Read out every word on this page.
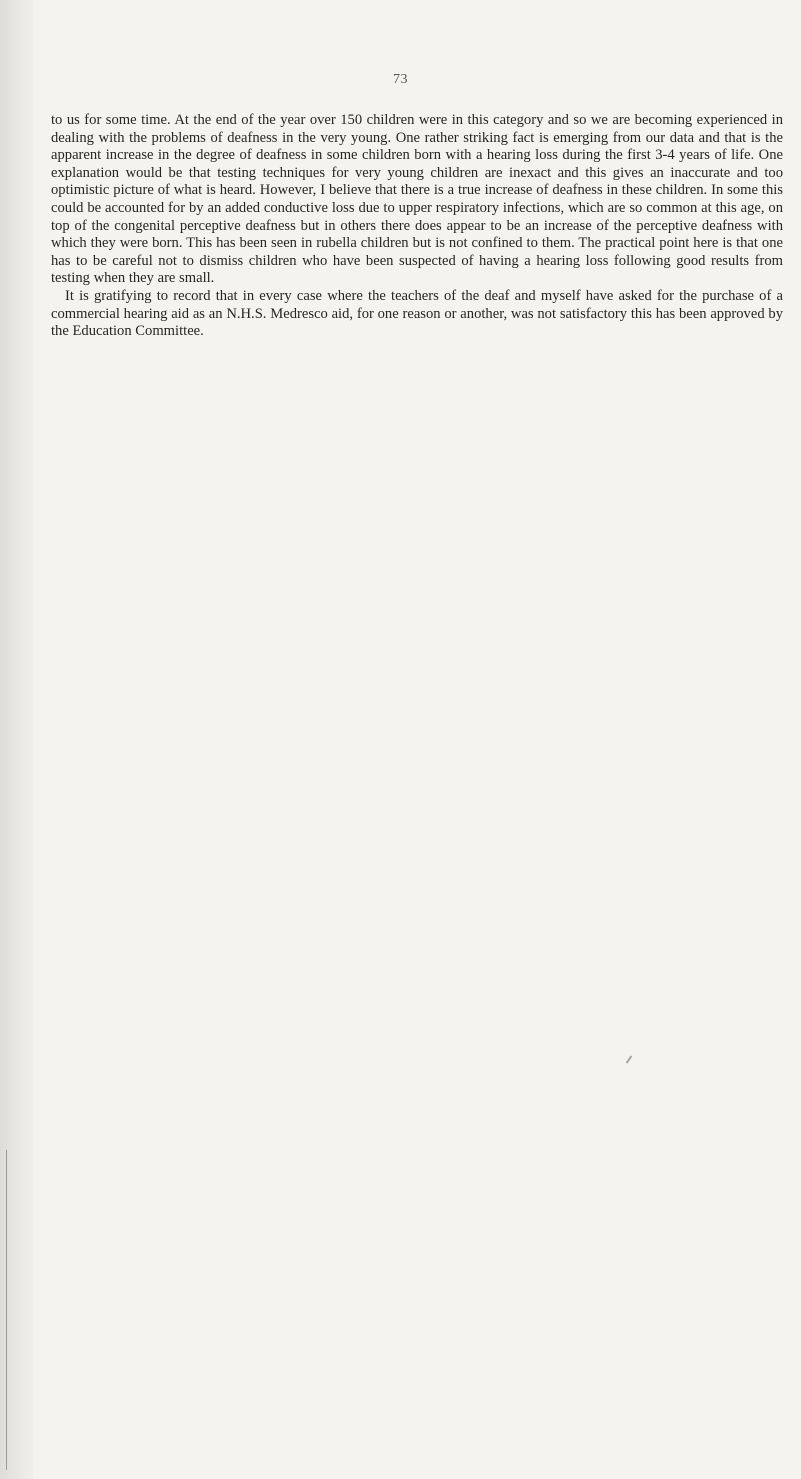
73

to us for some time. At the end of the year over 150 children were in this category and so we are becoming experienced in dealing with the problems of deafness in the very young. One rather striking fact is emerging from our data and that is the apparent increase in the degree of deafness in some children born with a hearing loss during the first 3-4 years of life. One explanation would be that testing techniques for very young children are inexact and this gives an inaccurate and too optimistic picture of what is heard. However, I believe that there is a true increase of deafness in these children. In some this could be accounted for by an added conductive loss due to upper respiratory infections, which are so common at this age, on top of the congenital perceptive deafness but in others there does appear to be an increase of the perceptive deafness with which they were born. This has been seen in rubella children but is not confined to them. The practical point here is that one has to be careful not to dismiss children who have been suspected of having a hearing loss following good results from testing when they are small.

It is gratifying to record that in every case where the teachers of the deaf and myself have asked for the purchase of a commercial hearing aid as an N.H.S. Medresco aid, for one reason or another, was not satisfactory this has been approved by the Education Committee.
